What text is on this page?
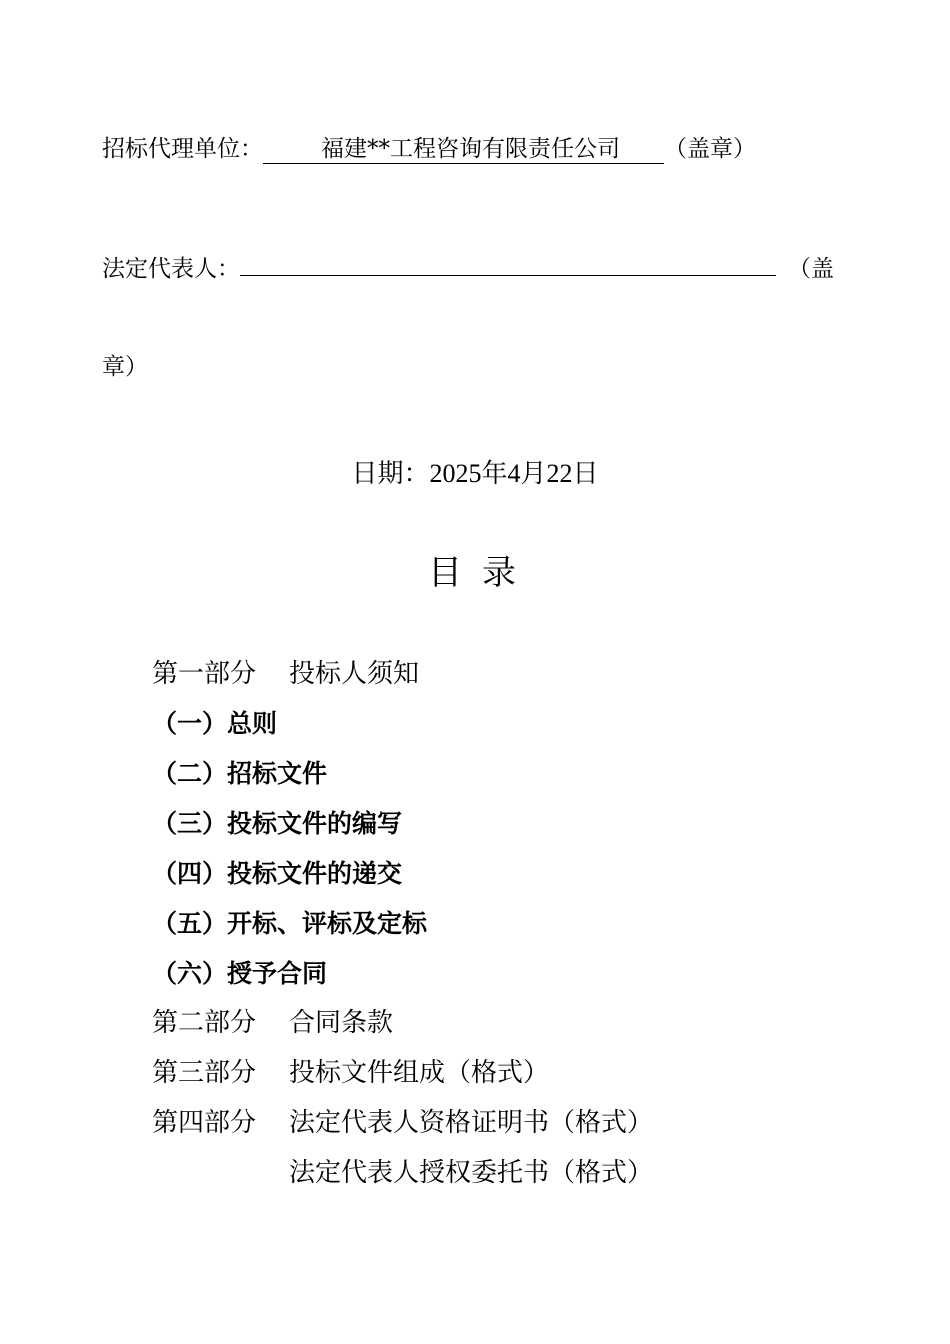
招标代理单位：	福建**工程咨询有限责任公司 （盖章）
法定代表人：	（盖
章）
日期：2025年4月22日
目录
第一部分 投标人须知
（一）总则
（二）招标文件
（三）投标文件的编写
（四）投标文件的递交
（五）开标、评标及定标
（六）授予合同
第二部分 合同条款
第三部分 投标文件组成（格式）
第四部分 法定代表人资格证明书（格式）
法定代表人授权委托书（格式）
